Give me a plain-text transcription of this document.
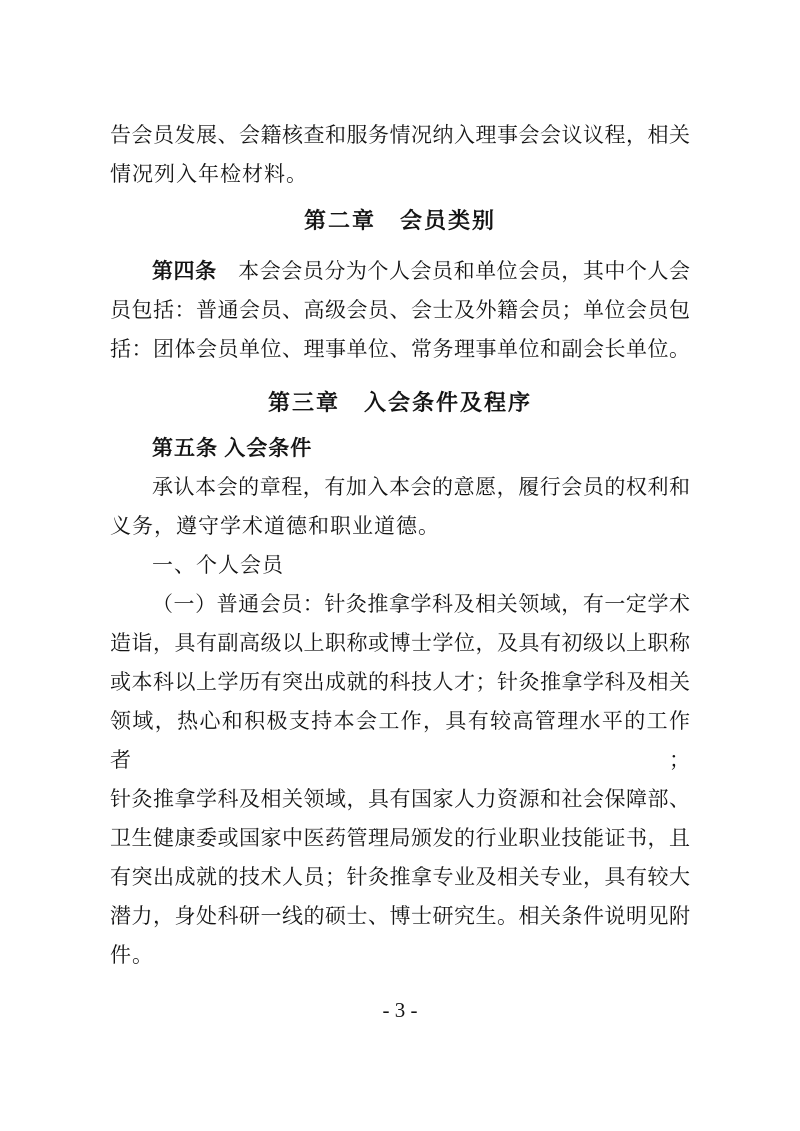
告会员发展、会籍核查和服务情况纳入理事会会议议程，相关
情况列入年检材料。
第二章　会员类别
第四条　本会会员分为个人会员和单位会员，其中个人会
员包括：普通会员、高级会员、会士及外籍会员；单位会员包
括：团体会员单位、理事单位、常务理事单位和副会长单位。
第三章　入会条件及程序
第五条 入会条件
承认本会的章程，有加入本会的意愿，履行会员的权利和
义务，遵守学术道德和职业道德。
一、个人会员
（一）普通会员：针灸推拿学科及相关领域，有一定学术
造诣，具有副高级以上职称或博士学位，及具有初级以上职称
或本科以上学历有突出成就的科技人才；针灸推拿学科及相关
领域，热心和积极支持本会工作，具有较高管理水平的工作者；
针灸推拿学科及相关领域，具有国家人力资源和社会保障部、
卫生健康委或国家中医药管理局颁发的行业职业技能证书，且
有突出成就的技术人员；针灸推拿专业及相关专业，具有较大
潜力，身处科研一线的硕士、博士研究生。相关条件说明见附
件。
- 3 -
